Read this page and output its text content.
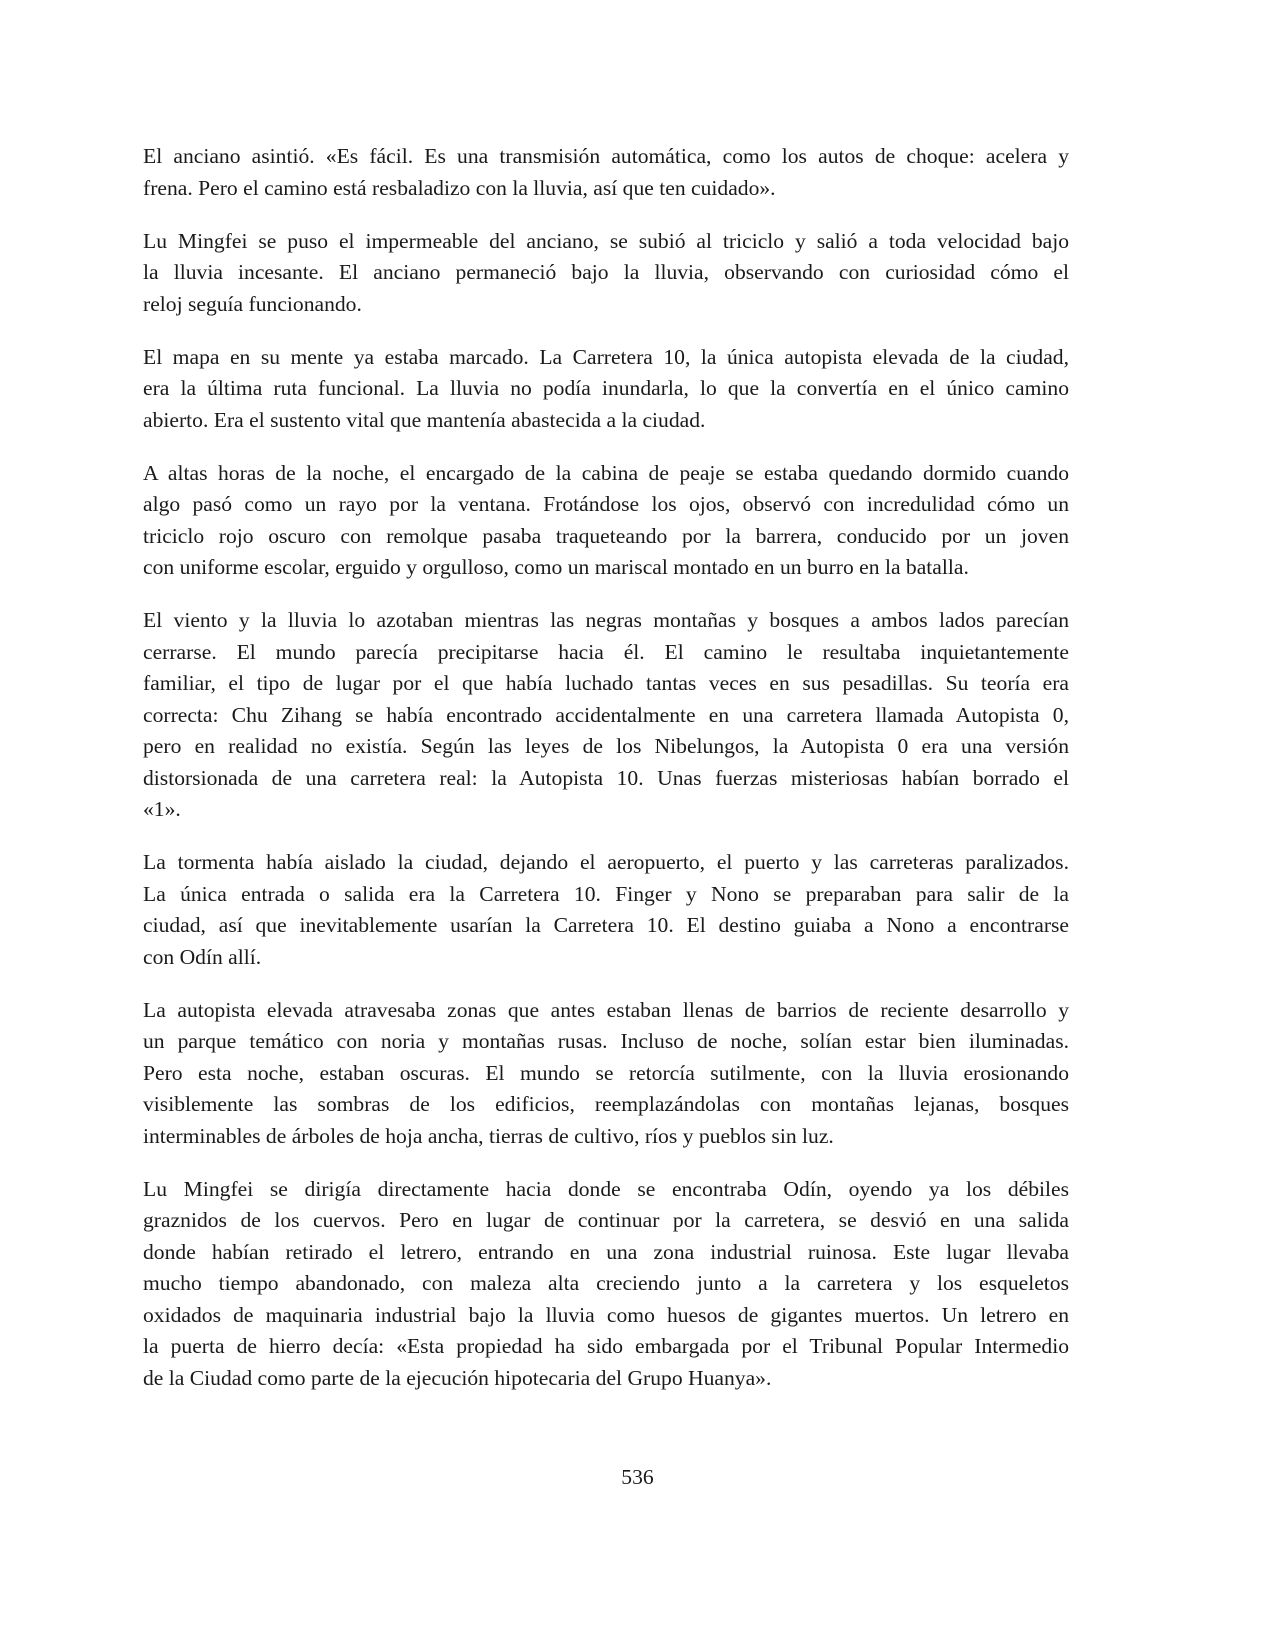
El anciano asintió. «Es fácil. Es una transmisión automática, como los autos de choque: acelera y
frena. Pero el camino está resbaladizo con la lluvia, así que ten cuidado».

Lu Mingfei se puso el impermeable del anciano, se subió al triciclo y salió a toda velocidad bajo
la lluvia incesante. El anciano permaneció bajo la lluvia, observando con curiosidad cómo el
reloj seguía funcionando.

El mapa en su mente ya estaba marcado. La Carretera 10, la única autopista elevada de la ciudad,
era la última ruta funcional. La lluvia no podía inundarla, lo que la convertía en el único camino
abierto. Era el sustento vital que mantenía abastecida a la ciudad.

A altas horas de la noche, el encargado de la cabina de peaje se estaba quedando dormido cuando
algo pasó como un rayo por la ventana. Frotándose los ojos, observó con incredulidad cómo un
triciclo rojo oscuro con remolque pasaba traqueteando por la barrera, conducido por un joven
con uniforme escolar, erguido y orgulloso, como un mariscal montado en un burro en la batalla.

El viento y la lluvia lo azotaban mientras las negras montañas y bosques a ambos lados parecían
cerrarse. El mundo parecía precipitarse hacia él. El camino le resultaba inquietantemente
familiar, el tipo de lugar por el que había luchado tantas veces en sus pesadillas. Su teoría era
correcta: Chu Zihang se había encontrado accidentalmente en una carretera llamada Autopista 0,
pero en realidad no existía. Según las leyes de los Nibelungos, la Autopista 0 era una versión
distorsionada de una carretera real: la Autopista 10. Unas fuerzas misteriosas habían borrado el
«1».

La tormenta había aislado la ciudad, dejando el aeropuerto, el puerto y las carreteras paralizados.
La única entrada o salida era la Carretera 10. Finger y Nono se preparaban para salir de la
ciudad, así que inevitablemente usarían la Carretera 10. El destino guiaba a Nono a encontrarse
con Odín allí.

La autopista elevada atravesaba zonas que antes estaban llenas de barrios de reciente desarrollo y
un parque temático con noria y montañas rusas. Incluso de noche, solían estar bien iluminadas.
Pero esta noche, estaban oscuras. El mundo se retorcía sutilmente, con la lluvia erosionando
visiblemente las sombras de los edificios, reemplazándolas con montañas lejanas, bosques
interminables de árboles de hoja ancha, tierras de cultivo, ríos y pueblos sin luz.

Lu Mingfei se dirigía directamente hacia donde se encontraba Odín, oyendo ya los débiles
graznidos de los cuervos. Pero en lugar de continuar por la carretera, se desvió en una salida
donde habían retirado el letrero, entrando en una zona industrial ruinosa. Este lugar llevaba
mucho tiempo abandonado, con maleza alta creciendo junto a la carretera y los esqueletos
oxidados de maquinaria industrial bajo la lluvia como huesos de gigantes muertos. Un letrero en
la puerta de hierro decía: «Esta propiedad ha sido embargada por el Tribunal Popular Intermedio
de la Ciudad como parte de la ejecución hipotecaria del Grupo Huanya».

536
